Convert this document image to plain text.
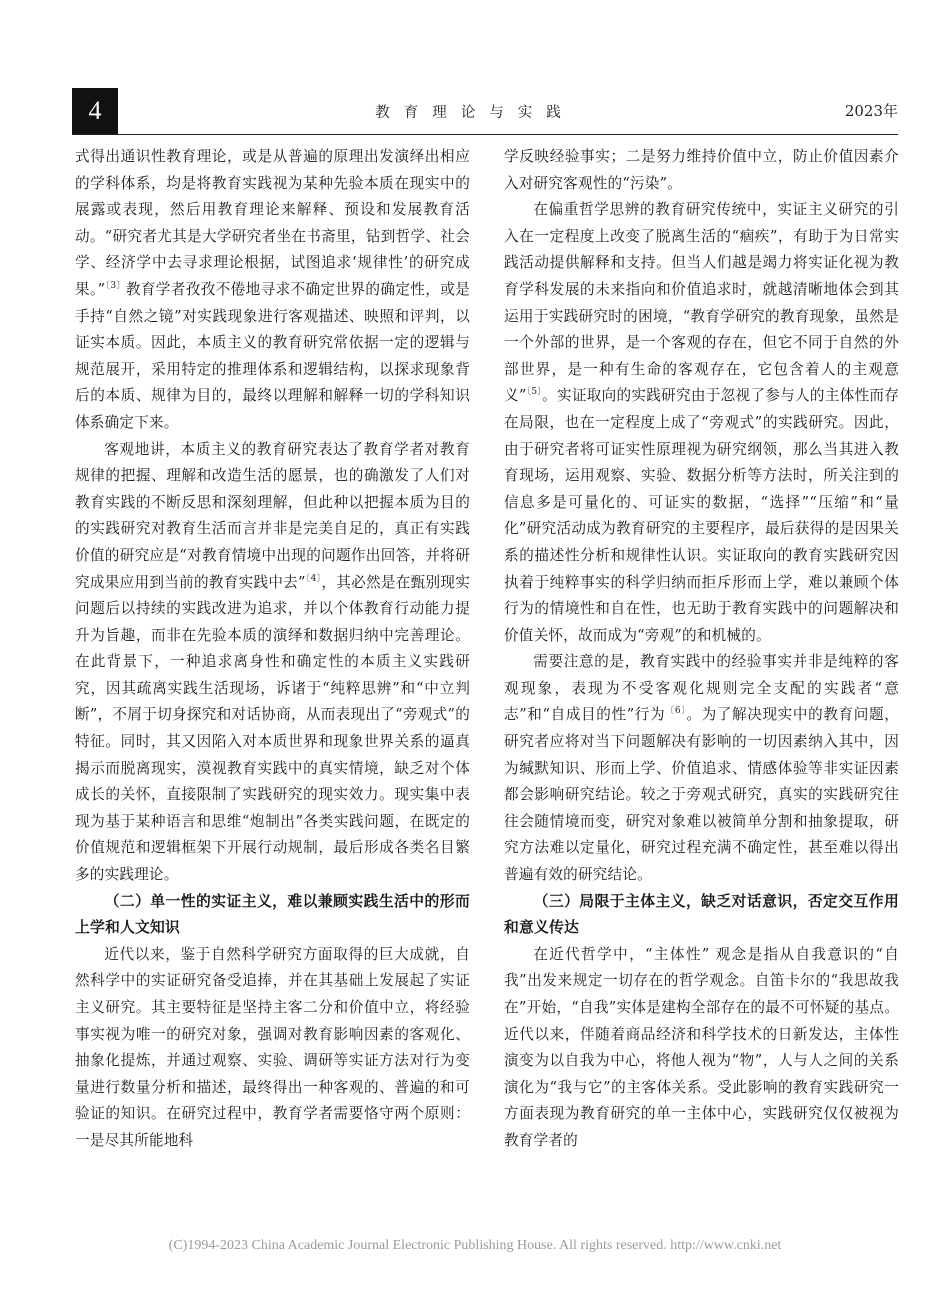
4	教育理论与实践	2023年

式得出通识性教育理论，或是从普遍的原理出发演绎出相应的学科体系，均是将教育实践视为某种先验本质在现实中的展露或表现，然后用教育理论来解释、预设和发展教育活动。“研究者尤其是大学研究者坐在书斋里，钻到哲学、社会学、经济学中去寻求理论根据，试图追求‘规律性’的研究成果。”$^{〔3〕}$教育学者孜孜不倦地寻求不确定世界的确定性，或是手持“自然之镜”对实践现象进行客观描述、映照和评判，以证实本质。因此，本质主义的教育研究常依据一定的逻辑与规范展开，采用特定的推理体系和逻辑结构，以探求现象背后的本质、规律为目的，最终以理解和解释一切的学科知识体系确定下来。

客观地讲，本质主义的教育研究表达了教育学者对教育规律的把握、理解和改造生活的愿景，也的确激发了人们对教育实践的不断反思和深刻理解，但此种以把握本质为目的的实践研究对教育生活而言并非是完美自足的，真正有实践价值的研究应是“对教育情境中出现的问题作出回答，并将研究成果应用到当前的教育实践中去”$^{〔4〕}$，其必然是在甄别现实问题后以持续的实践改进为追求，并以个体教育行动能力提升为旨趣，而非在先验本质的演绎和数据归纳中完善理论。在此背景下，一种追求离身性和确定性的本质主义实践研究，因其疏离实践生活现场，诉诸于“纯粹思辨”和“中立判断”，不屑于切身探究和对话协商，从而表现出了“旁观式”的特征。同时，其又因陷入对本质世界和现象世界关系的逼真揭示而脱离现实，漠视教育实践中的真实情境，缺乏对个体成长的关怀，直接限制了实践研究的现实效力。现实集中表现为基于某种语言和思维“炮制出”各类实践问题，在既定的价值规范和逻辑框架下开展行动规制，最后形成各类名目繁多的实践理论。

（二）单一性的实证主义，难以兼顾实践生活中的形而上学和人文知识

近代以来，鉴于自然科学研究方面取得的巨大成就，自然科学中的实证研究备受追捧，并在其基础上发展起了实证主义研究。其主要特征是坚持主客二分和价值中立，将经验事实视为唯一的研究对象，强调对教育影响因素的客观化、抽象化提炼，并通过观察、实验、调研等实证方法对行为变量进行数量分析和描述，最终得出一种客观的、普遍的和可验证的知识。在研究过程中，教育学者需要恪守两个原则：一是尽其所能地科

学反映经验事实；二是努力维持价值中立，防止价值因素介入对研究客观性的“污染”。

在偏重哲学思辨的教育研究传统中，实证主义研究的引入在一定程度上改变了脱离生活的“痼疾”，有助于为日常实践活动提供解释和支持。但当人们越是竭力将实证化视为教育学科发展的未来指向和价值追求时，就越清晰地体会到其运用于实践研究时的困境，“教育学研究的教育现象，虽然是一个外部的世界，是一个客观的存在，但它不同于自然的外部世界，是一种有生命的客观存在，它包含着人的主观意义”$^{〔5〕}$。实证取向的实践研究由于忽视了参与人的主体性而存在局限，也在一定程度上成了“旁观式”的实践研究。因此，由于研究者将可证实性原理视为研究纲领，那么当其进入教育现场，运用观察、实验、数据分析等方法时，所关注到的信息多是可量化的、可证实的数据，“选择”“压缩”和“量化”研究活动成为教育研究的主要程序，最后获得的是因果关系的描述性分析和规律性认识。实证取向的教育实践研究因执着于纯粹事实的科学归纳而拒斥形而上学，难以兼顾个体行为的情境性和自在性，也无助于教育实践中的问题解决和价值关怀，故而成为“旁观”的和机械的。

需要注意的是，教育实践中的经验事实并非是纯粹的客观现象，表现为不受客观化规则完全支配的实践者“意志”和“自成目的性”行为$^{〔6〕}$。为了解决现实中的教育问题，研究者应将对当下问题解决有影响的一切因素纳入其中，因为缄默知识、形而上学、价值追求、情感体验等非实证因素都会影响研究结论。较之于旁观式研究，真实的实践研究往往会随情境而变，研究对象难以被简单分割和抽象提取，研究方法难以定量化，研究过程充满不确定性，甚至难以得出普遍有效的研究结论。

（三）局限于主体主义，缺乏对话意识，否定交互作用和意义传达

在近代哲学中，“主体性” 观念是指从自我意识的“自我”出发来规定一切存在的哲学观念。自笛卡尔的“我思故我在”开始，“自我”实体是建构全部存在的最不可怀疑的基点。近代以来，伴随着商品经济和科学技术的日新发达，主体性演变为以自我为中心，将他人视为“物”，人与人之间的关系演化为“我与它”的主客体关系。受此影响的教育实践研究一方面表现为教育研究的单一主体中心，实践研究仅仅被视为教育学者的

(C)1994-2023 China Academic Journal Electronic Publishing House. All rights reserved. http://www.cnki.net
